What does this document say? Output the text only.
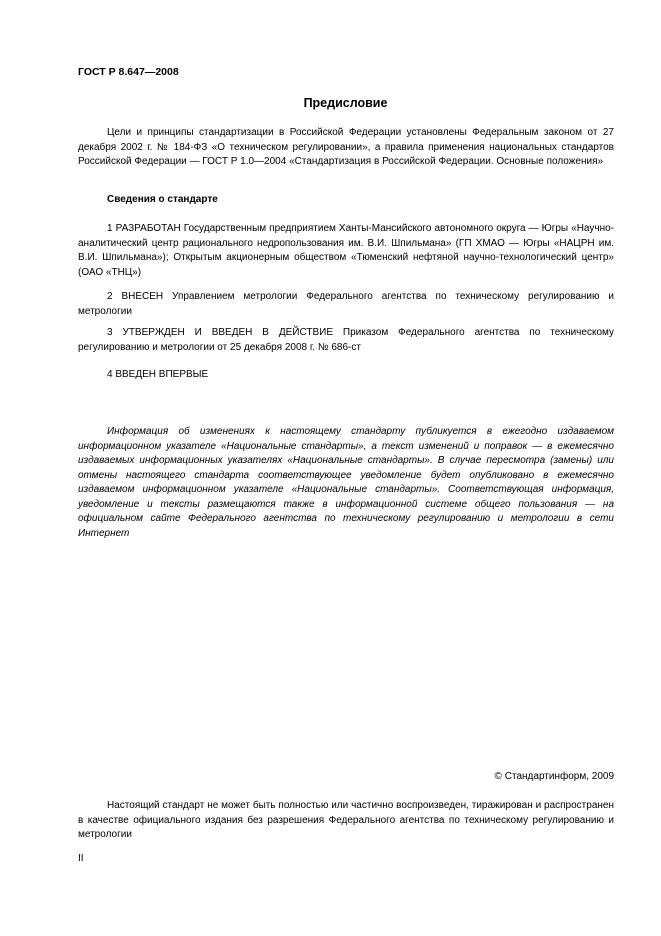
ГОСТ Р 8.647—2008
Предисловие

Цели и принципы стандартизации в Российской Федерации установлены Федеральным законом от 27 декабря 2002 г. № 184-ФЗ «О техническом регулировании», а правила применения национальных стандартов Российской Федерации — ГОСТ Р 1.0—2004 «Стандартизация в Российской Федерации. Основные положения»

Сведения о стандарте

1 РАЗРАБОТАН Государственным предприятием Ханты-Мансийского автономного округа — Югры «Научно-аналитический центр рационального недропользования им. В.И. Шпильмана» (ГП ХМАО — Югры «НАЦРН им. В.И. Шпильмана»); Открытым акционерным обществом «Тюменский нефтяной научно-технологический центр» (ОАО «ТНЦ»)

2 ВНЕСЕН Управлением метрологии Федерального агентства по техническому регулированию и метрологии

3 УТВЕРЖДЕН И ВВЕДЕН В ДЕЙСТВИЕ Приказом Федерального агентства по техническому регулированию и метрологии от 25 декабря 2008 г. № 686-ст

4 ВВЕДЕН ВПЕРВЫЕ

Информация об изменениях к настоящему стандарту публикуется в ежегодно издаваемом информационном указателе «Национальные стандарты», а текст изменений и поправок — в ежемесячно издаваемых информационных указателях «Национальные стандарты». В случае пересмотра (замены) или отмены настоящего стандарта соответствующее уведомление будет опубликовано в ежемесячно издаваемом информационном указателе «Национальные стандарты». Соответствующая информация, уведомление и тексты размещаются также в информационной системе общего пользования — на официальном сайте Федерального агентства по техническому регулированию и метрологии в сети Интернет

© Стандартинформ, 2009

Настоящий стандарт не может быть полностью или частично воспроизведен, тиражирован и распространен в качестве официального издания без разрешения Федерального агентства по техническому регулированию и метрологии

II
